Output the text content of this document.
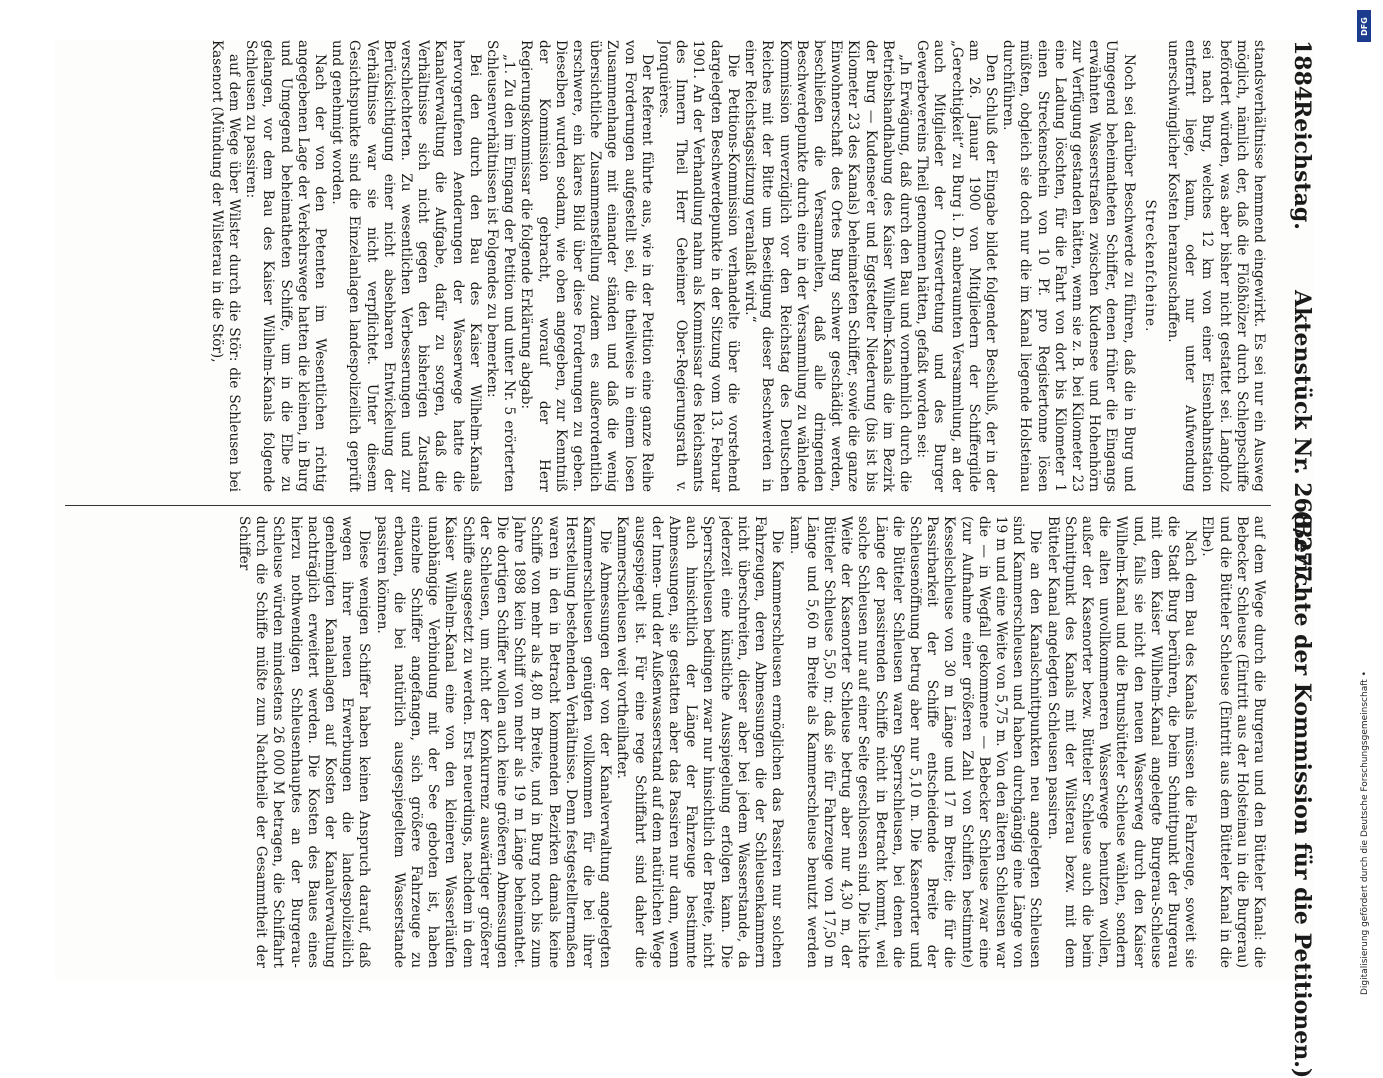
1884
Reichstag.
Aktenstück Nr. 268/277.
(Berichte der Kommission für die Petitionen.)

standsverhältnisse hemmend eingewirkt. Es sei nur ein Ausweg möglich, nämlich der, daß die Flößhölzer durch Schleppschiffe befördert würden, was aber bisher nicht gestattet sei. Langholz sei nach Burg, welches 12 km von einer Eisenbahnstation entfernt liege, kaum, oder nur unter Aufwendung unerschwinglicher Kosten heranzuschaffen.

Streckenfcheine.

Noch sei darüber Beschwerde zu führen, daß die in Burg und Umgegend beheimatheten Schiffer, denen früher die Eingangs erwähnten Wasserstraßen zwischen Kudensee und Hohenhörn zur Verfügung gestanden hätten, wenn sie z. B. bei Kilometer 23 eine Ladung löschten, für die Fahrt von dort bis Kilometer 1 einen Streckenschein von 10 Pf. pro Registertonne lösen müßten, obgleich sie doch nur die im Kanal liegende Holsteinau durchführen.

Den Schluß der Eingabe bildet folgender Beschluß, der in der am 26. Januar 1900 von Mitgliedern der Schiffergilde „Gerechtigkeit“ zu Burg i. D. anberaumten Versammlung, an der auch Mitglieder der Ortsvertretung und des Burger Gewerbevereins Theil genommen hätten, gefaßt worden sei:

„In Erwägung, daß durch den Bau und vornehmlich durch die Betriebshandhabung des Kaiser Wilhelm-Kanals die im Bezirk der Burg — Kudensee'er und Eggstedter Niederung (bis ist bis Kilometer 23 des Kanals) beheimateten Schiffer, sowie die ganze Einwohnerschaft des Ortes Burg schwer geschädigt werden, beschließen die Versammelten, daß alle dringenden Beschwerdepunkte durch eine in der Versammlung zu wählende Kommission unverzüglich vor den Reichstag des Deutschen Reiches mit der Bitte um Beseitigung dieser Beschwerden in einer Reichstagssitzung veranlaßt wird.“

Die Petitions-Kommission verhandelte über die vorstehend dargelegten Beschwerdepunkte in der Sitzung vom 13. Februar 1901. An der Verhandlung nahm als Kommissar des Reichsamts des Innern Theil Herr Geheimer Ober-Regierungsrath v. Jonquières.

Der Referent führte aus, wie in der Petition eine ganze Reihe von Forderungen aufgestellt sei, die theilweise in einem losen Zusammenhange mit einander ständen und daß die wenig übersichtliche Zusammenstellung zudem es außerordentlich erschwere, ein klares Bild über diese Forderungen zu geben. Dieselben wurden sodann, wie oben angegeben, zur Kenntniß der Kommission gebracht, worauf der Herr Regierungskommissar die folgende Erklärung abgab:

„1. Zu den im Eingang der Petition und unter Nr. 5 erörterten Schleusenverhältnissen ist Folgendes zu bemerken:

Bei den durch den Bau des Kaiser Wilhelm-Kanals hervorgerufenen Aenderungen der Wasserwege hatte die Kanalverwaltung die Aufgabe, dafür zu sorgen, daß die Verhältnisse sich nicht gegen den bisherigen Zustand verschlechterten. Zu wesentlichen Verbesserungen und zur Berücksichtigung einer nicht absehbaren Entwickelung der Verhältnisse war sie nicht verpflichtet. Unter diesem Gesichtspunkte sind die Einzelanlagen landespolizeilich geprüft und genehmigt worden.

Nach der von den Petenten im Wesentlichen richtig angegebenen Lage der Verkehrswege hatten die kleinen, in Burg und Umgegend beheimatheten Schiffe, um in die Elbe zu gelangen, vor dem Bau des Kaiser Wilhelm-Kanals folgende Schleusen zu passiren:

auf dem Wege über Wilster durch die Stör: die Schleusen bei Kasenort (Mündung der Wilsterau in die Stör),

auf dem Wege durch die Burgerau und den Bütteler Kanal: die Bebecker Schleuse (Eintritt aus der Holsteinau in die Burgerau) und die Bütteler Schleuse (Eintritt aus dem Bütteler Kanal in die Elbe).

Nach dem Bau des Kanals müssen die Fahrzeuge, soweit sie die Stadt Burg berühren, die beim Schnittpunkt der Burgerau mit dem Kaiser Wilhelm-Kanal angelegte Burgerau-Schleuse und, falls sie nicht den neuen Wasserweg durch den Kaiser Wilhelm-Kanal und die Brunsbütteler Schleuse wählen, sondern die alten unvollkommeneren Wasserwege benutzen wollen, außer der Kasenorter bezw. Bütteler Schleuse auch die beim Schnittpunkt des Kanals mit der Wilsterau bezw. mit dem Bütteler Kanal angelegten Schleusen passiren.

Die an den Kanalschnittpunkten neu angelegten Schleusen sind Kammerschleusen und haben durchgängig eine Länge von 19 m und eine Weite von 5,75 m. Von den älteren Schleusen war die — in Wegfall gekommene — Bebecker Schleuse zwar eine (zur Aufnahme einer größeren Zahl von Schiffen bestimmte) Kesselschleuse von 30 m Länge und 17 m Breite; die für die Passirbarkeit der Schiffe entscheidende Breite der Schleusenöffnung betrug aber nur 5,10 m. Die Kasenorter und die Bütteler Schleusen waren Sperrschleusen, bei denen die Länge der passirenden Schiffe nicht in Betracht kommt, weil solche Schleusen nur auf einer Seite geschlossen sind. Die lichte Weite der Kasenorter Schleuse betrug aber nur 4,30 m, der Bütteler Schleuse 5,50 m; daß sie für Fahrzeuge von 17,50 m Länge und 5,60 m Breite als Kammerschleuse benutzt werden kann.

Die Kammerschleusen ermöglichen das Passiren nur solchen Fahrzeugen, deren Abmessungen die der Schleusenkammern nicht überschreiten, dieser aber bei jedem Wasserstande, da jederzeit eine künstliche Ausspiegelung erfolgen kann. Die Sperrschleusen bedingen zwar nur hinsichtlich der Breite, nicht auch hinsichtlich der Länge der Fahrzeuge bestimmte Abmessungen, sie gestatten aber das Passiren nur dann, wenn der Innen- und der Außenwasserstand auf dem natürlichen Wege ausgespiegelt ist. Für eine rege Schiffahrt sind daher die Kammerschleusen weit vortheilhafter.

Die Abmessungen der von der Kanalverwaltung angelegten Kammerschleusen genügten vollkommen für die bei ihrer Herstellung bestehenden Verhältnisse. Denn festgestelltermaßen waren in den in Betracht kommenden Bezirken damals keine Schiffe von mehr als 4,80 m Breite, und in Burg noch bis zum Jahre 1898 kein Schiff von mehr als 19 m Länge beheimathet. Die dortigen Schiffer wollen auch keine größeren Abmessungen der Schleusen, um nicht der Konkurrenz auswärtiger größerer Schiffe ausgesetzt zu werden. Erst neuerdings, nachdem in dem Kaiser Wilhelm-Kanal eine von den kleineren Wasserläufen unabhängige Verbindung mit der See geboten ist, haben einzelne Schiffer angefangen, sich größere Fahrzeuge zu erbauen, die bei natürlich ausgespiegeltem Wasserstande passiren können.

Diese wenigen Schiffer haben keinen Anspruch darauf, daß wegen ihrer neuen Erwerbungen die landespolizeilich genehmigten Kanalanlagen auf Kosten der Kanalverwaltung nachträglich erweitert werden. Die Kosten des Baues eines hierzu nothwendigen Schleusenhauptes an der Burgerau-Schleuse würden mindestens 26 000 M betragen, die Schiffahrt durch die Schiffe müßte zum Nachtheile der Gesammtheit der Schiffer

DFG
Digitalisierung gefördert durch die Deutsche Forschungsgemeinschaft •
